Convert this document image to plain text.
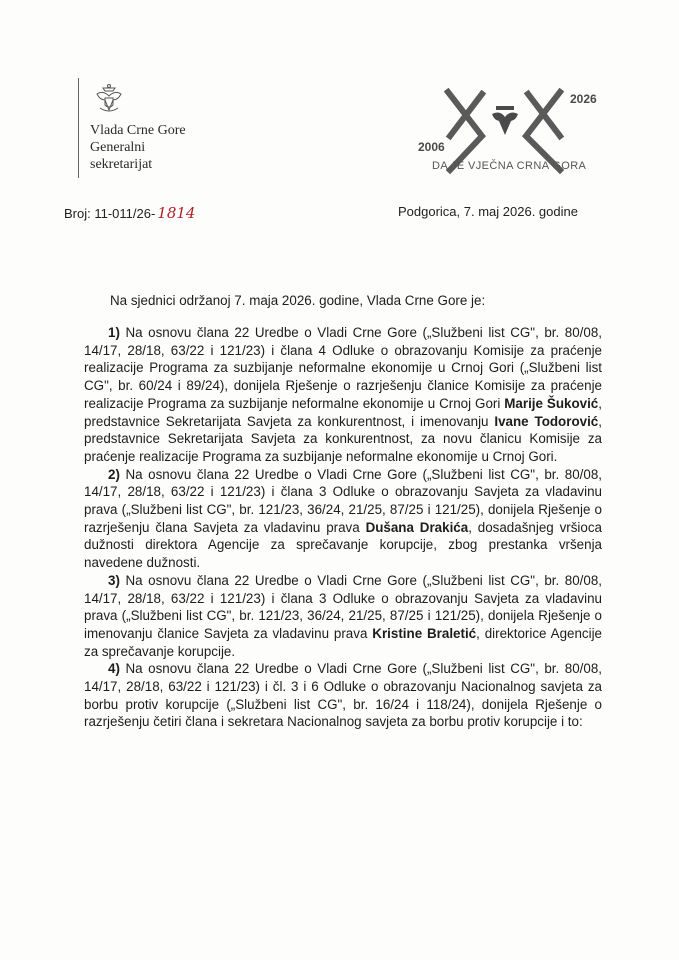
Vlada Crne Gore
Generalni
sekretarijat
2006
2026
DA JE VJEČNA CRNA GORA
Broj: 11-011/26- 1814	Podgorica, 7. maj 2026. godine
Na sjednici održanoj 7. maja 2026. godine, Vlada Crne Gore je:

1) Na osnovu člana 22 Uredbe o Vladi Crne Gore („Službeni list CG", br. 80/08, 14/17, 28/18, 63/22 i 121/23) i člana 4 Odluke o obrazovanju Komisije za praćenje realizacije Programa za suzbijanje neformalne ekonomije u Crnoj Gori („Službeni list CG", br. 60/24 i 89/24), donijela Rješenje o razrješenju članice Komisije za praćenje realizacije Programa za suzbijanje neformalne ekonomije u Crnoj Gori Marije Šuković, predstavnice Sekretarijata Savjeta za konkurentnost, i imenovanju Ivane Todorović, predstavnice Sekretarijata Savjeta za konkurentnost, za novu članicu Komisije za praćenje realizacije Programa za suzbijanje neformalne ekonomije u Crnoj Gori.

2) Na osnovu člana 22 Uredbe o Vladi Crne Gore („Službeni list CG", br. 80/08, 14/17, 28/18, 63/22 i 121/23) i člana 3 Odluke o obrazovanju Savjeta za vladavinu prava („Službeni list CG", br. 121/23, 36/24, 21/25, 87/25 i 121/25), donijela Rješenje o razrješenju člana Savjeta za vladavinu prava Dušana Drakića, dosadašnjeg vršioca dužnosti direktora Agencije za sprečavanje korupcije, zbog prestanka vršenja navedene dužnosti.

3) Na osnovu člana 22 Uredbe o Vladi Crne Gore („Službeni list CG", br. 80/08, 14/17, 28/18, 63/22 i 121/23) i člana 3 Odluke o obrazovanju Savjeta za vladavinu prava („Službeni list CG", br. 121/23, 36/24, 21/25, 87/25 i 121/25), donijela Rješenje o imenovanju članice Savjeta za vladavinu prava Kristine Braletić, direktorice Agencije za sprečavanje korupcije.

4) Na osnovu člana 22 Uredbe o Vladi Crne Gore („Službeni list CG", br. 80/08, 14/17, 28/18, 63/22 i 121/23) i čl. 3 i 6 Odluke o obrazovanju Nacionalnog savjeta za borbu protiv korupcije („Službeni list CG", br. 16/24 i 118/24), donijela Rješenje o razrješenju četiri člana i sekretara Nacionalnog savjeta za borbu protiv korupcije i to:
